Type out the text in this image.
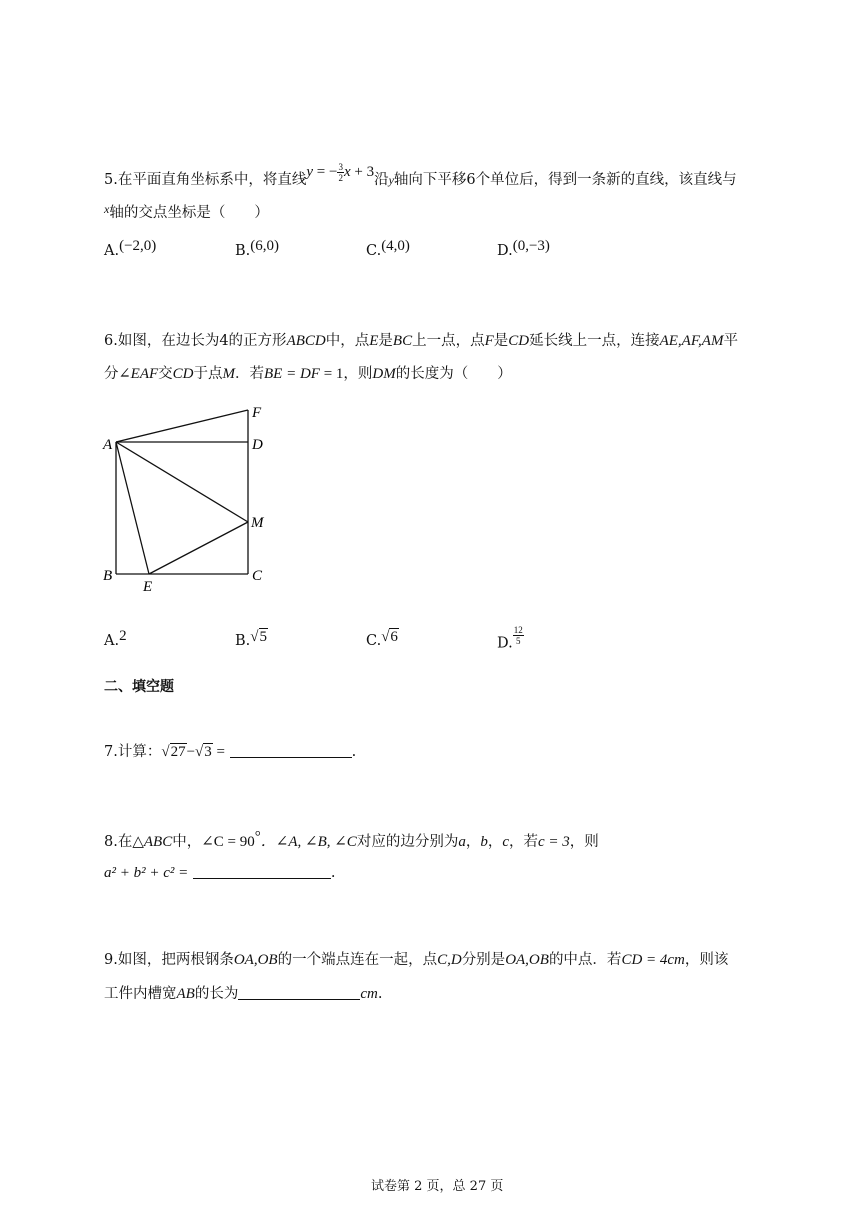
5.在平面直角坐标系中，将直线y = − $\frac{3}{2}$ x + 3沿y轴向下平移6个单位后，得到一条新的直线，该直线与
$^x$轴的交点坐标是（　　）
A.(−2,0)	B.(6,0)	C.(4,0)	D.(0,−3)
6.如图，在边长为4的正方形ABCD中，点E是BC上一点，点F是CD延长线上一点，连接AE,AF,AM平
分∠EAF交CD于点M．若BE = DF = 1，则DM的长度为（　　）
A
B	C
D
E
F
M
A.2	B.√5	C.√6	D. $\frac{12}{5}$
二、填空题
7.计算：√27−√3 =	.
8.在△ABC中，∠C = 90°．∠A, ∠B, ∠C对应的边分别为a，b，c，若c = 3，则
a² + b² + c² =	.
9.如图，把两根钢条OA,OB的一个端点连在一起，点C,D分别是OA,OB的中点．若CD = 4cm，则该
工件内槽宽AB的长为	cm.
试卷第 2 页，总 27 页
